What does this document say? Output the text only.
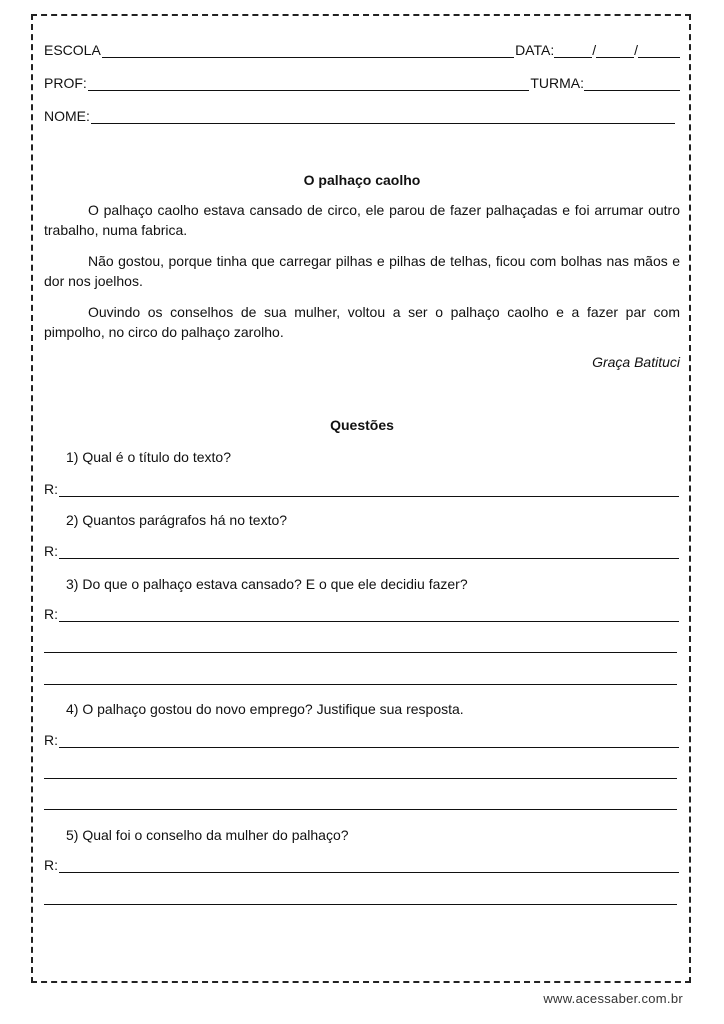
ESCOLA	DATA:	/	/
PROF:	TURMA:
NOME:
O palhaço caolho

O palhaço caolho estava cansado de circo, ele parou de fazer palhaçadas e foi arrumar outro trabalho, numa fabrica.

Não gostou, porque tinha que carregar pilhas e pilhas de telhas, ficou com bolhas nas mãos e dor nos joelhos.

Ouvindo os conselhos de sua mulher, voltou a ser o palhaço caolho e a fazer par com pimpolho, no circo do palhaço zarolho.

Graça Batituci
Questões
1) Qual é o título do texto?
R:
2) Quantos parágrafos há no texto?
R:
3) Do que o palhaço estava cansado? E o que ele decidiu fazer?
R:
4) O palhaço gostou do novo emprego? Justifique sua resposta.
R:
5) Qual foi o conselho da mulher do palhaço?
R:
www.acessaber.com.br
